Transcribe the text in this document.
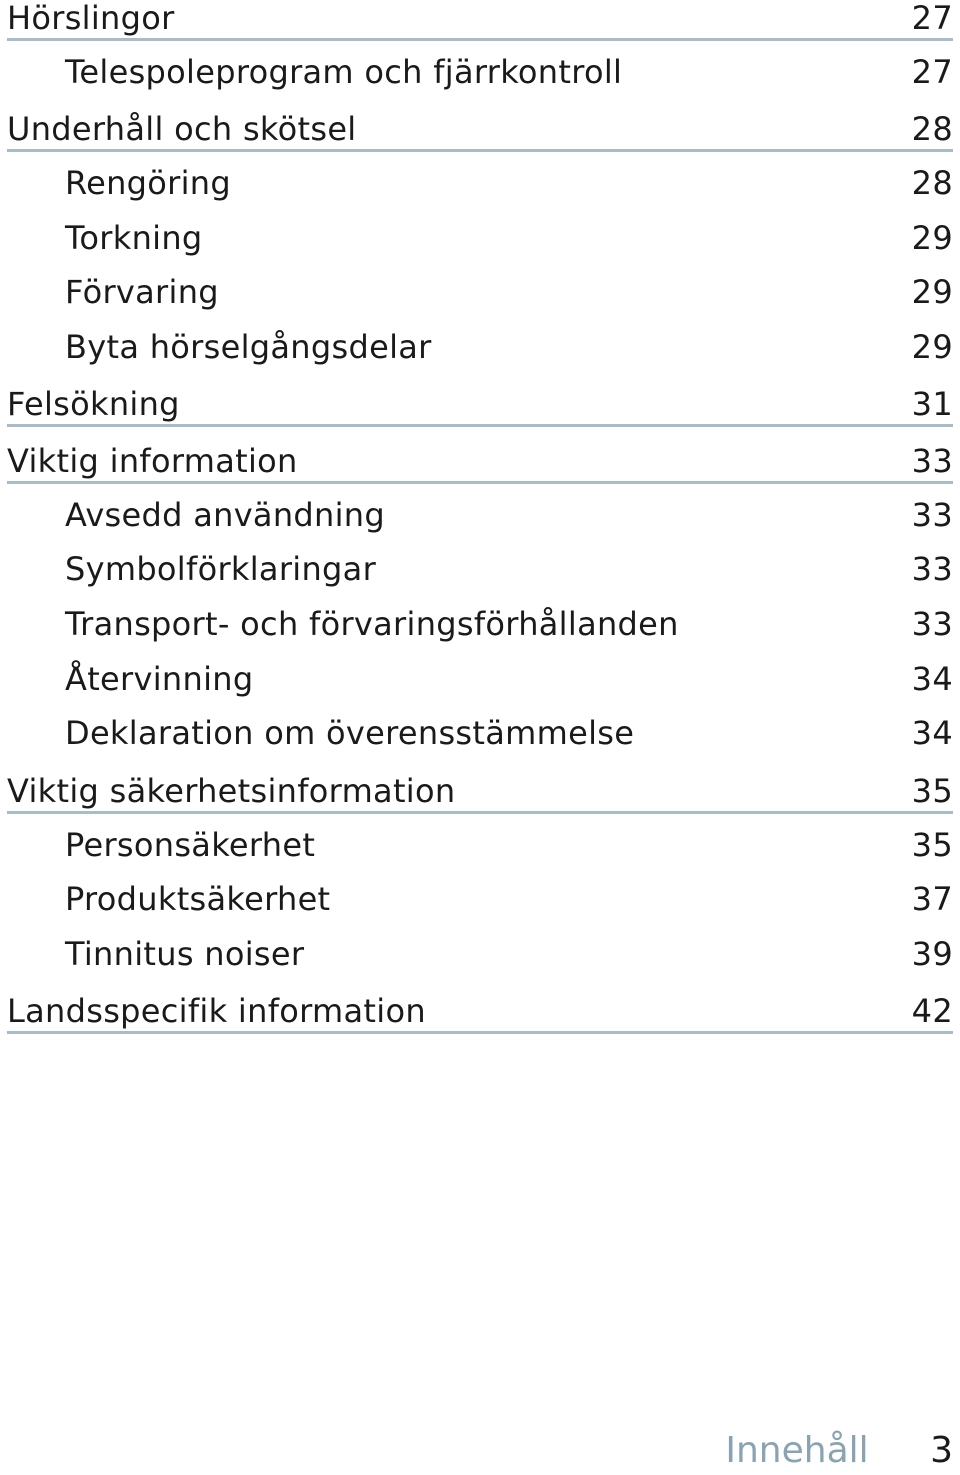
Hörslingor	27
Telespoleprogram och fjärrkontroll	27
Underhåll och skötsel	28
Rengöring	28
Torkning	29
Förvaring	29
Byta hörselgångsdelar	29
Felsökning	31
Viktig information	33
Avsedd användning	33
Symbolförklaringar	33
Transport- och förvaringsförhållanden	33
Återvinning	34
Deklaration om överensstämmelse	34
Viktig säkerhetsinformation	35
Personsäkerhet	35
Produktsäkerhet	37
Tinnitus noiser	39
Landsspecifik information	42
Innehåll 3
